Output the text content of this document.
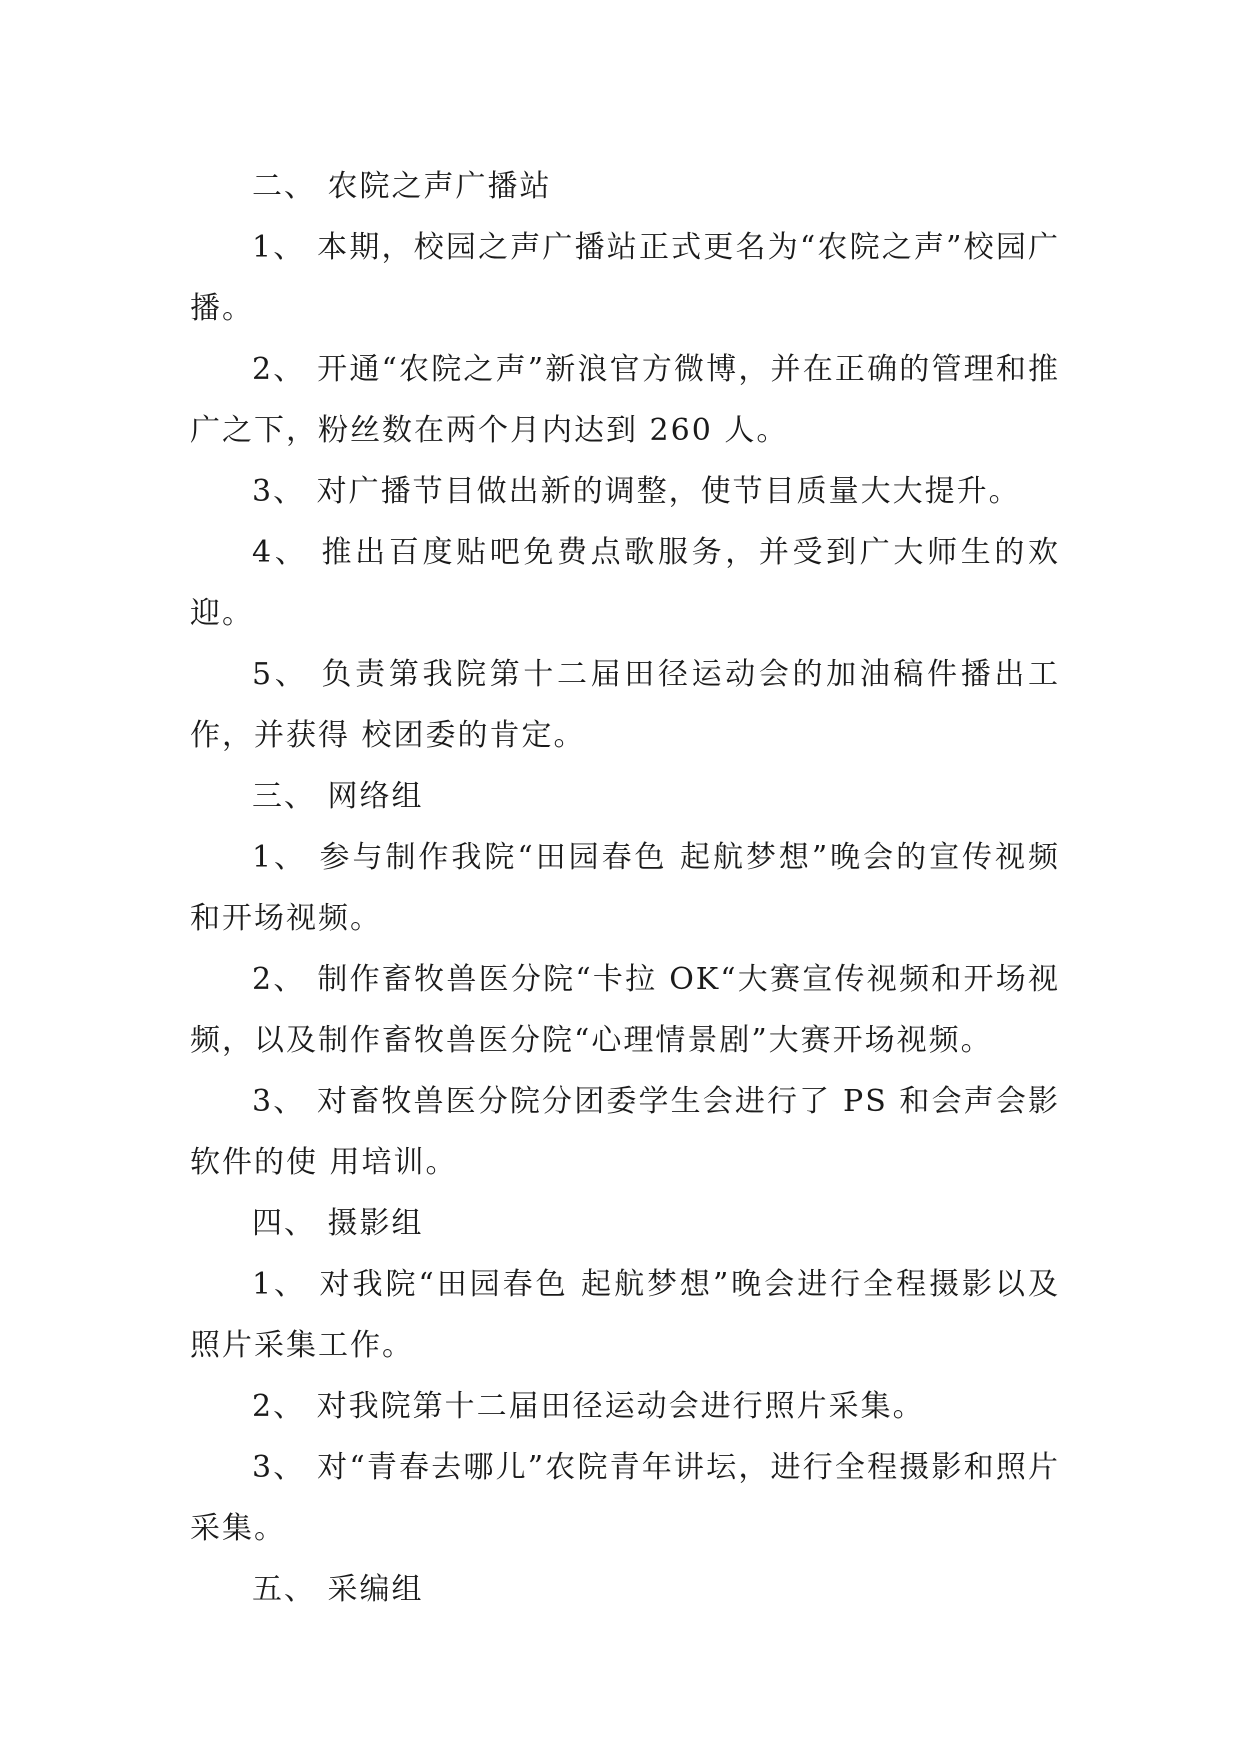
二、 农院之声广播站

1、 本期，校园之声广播站正式更名为“农院之声”校园广播。

2、 开通“农院之声”新浪官方微博，并在正确的管理和推广之下，粉丝数在两个月内达到 260 人。

3、 对广播节目做出新的调整，使节目质量大大提升。

4、 推出百度贴吧免费点歌服务，并受到广大师生的欢迎。

5、 负责第我院第十二届田径运动会的加油稿件播出工作，并获得 校团委的肯定。

三、 网络组

1、 参与制作我院“田园春色 起航梦想”晚会的宣传视频和开场视频。

2、 制作畜牧兽医分院“卡拉 OK“大赛宣传视频和开场视频，以及制作畜牧兽医分院“心理情景剧”大赛开场视频。

3、 对畜牧兽医分院分团委学生会进行了 PS 和会声会影软件的使 用培训。

四、 摄影组

1、 对我院“田园春色 起航梦想”晚会进行全程摄影以及照片采集工作。

2、 对我院第十二届田径运动会进行照片采集。

3、 对“青春去哪儿”农院青年讲坛，进行全程摄影和照片采集。

五、 采编组
